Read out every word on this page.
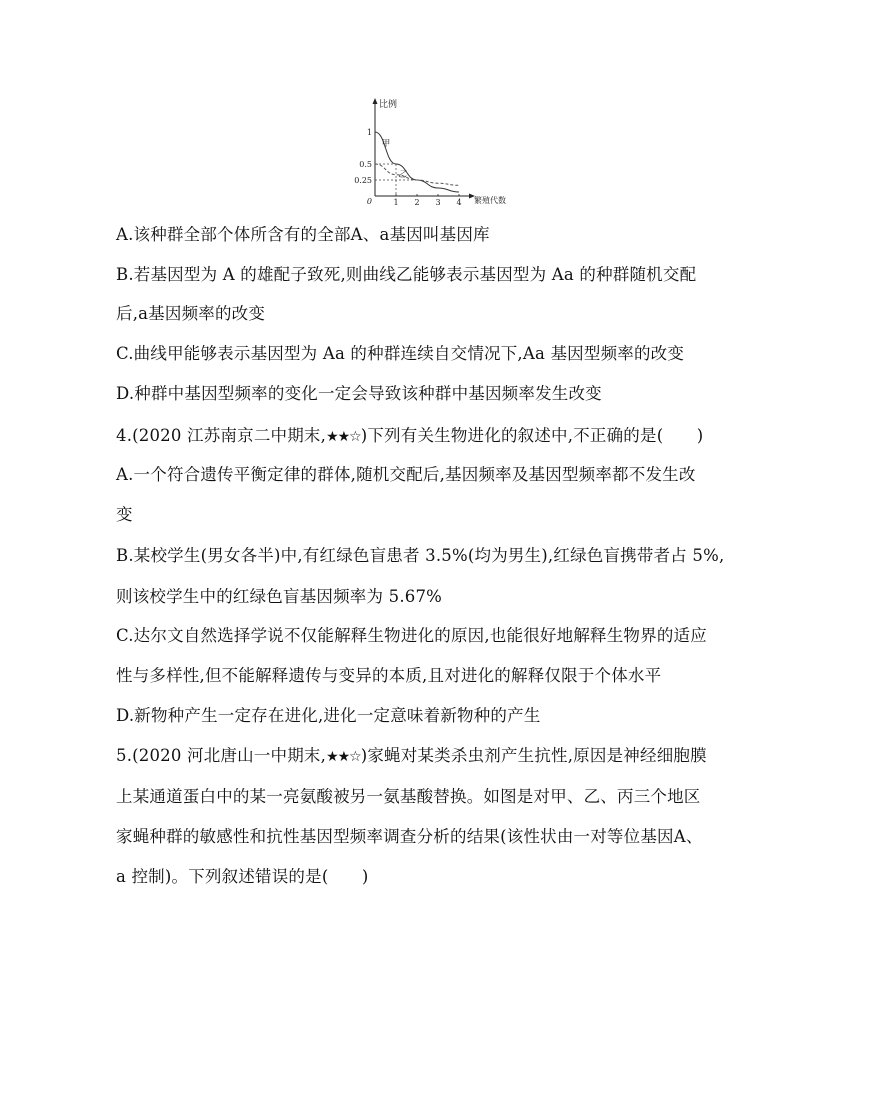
比例
繁殖代数
0	1 2 3 4
1
0.5
0.25
甲
乙
A.该种群全部个体所含有的全部A、a基因叫基因库
B.若基因型为 A 的雄配子致死,则曲线乙能够表示基因型为 Aa 的种群随机交配
后,a基因频率的改变
C.曲线甲能够表示基因型为 Aa 的种群连续自交情况下,Aa 基因型频率的改变
D.种群中基因型频率的变化一定会导致该种群中基因频率发生改变
4.(2020 江苏南京二中期末,★★☆)下列有关生物进化的叙述中,不正确的是(　　)
A.一个符合遗传平衡定律的群体,随机交配后,基因频率及基因型频率都不发生改
变
B.某校学生(男女各半)中,有红绿色盲患者 3.5%(均为男生),红绿色盲携带者占 5%,
则该校学生中的红绿色盲基因频率为 5.67%
C.达尔文自然选择学说不仅能解释生物进化的原因,也能很好地解释生物界的适应
性与多样性,但不能解释遗传与变异的本质,且对进化的解释仅限于个体水平
D.新物种产生一定存在进化,进化一定意味着新物种的产生
5.(2020 河北唐山一中期末,★★☆)家蝇对某类杀虫剂产生抗性,原因是神经细胞膜
上某通道蛋白中的某一亮氨酸被另一氨基酸替换。如图是对甲、乙、丙三个地区
家蝇种群的敏感性和抗性基因型频率调查分析的结果(该性状由一对等位基因A、
a 控制)。下列叙述错误的是(　　)
